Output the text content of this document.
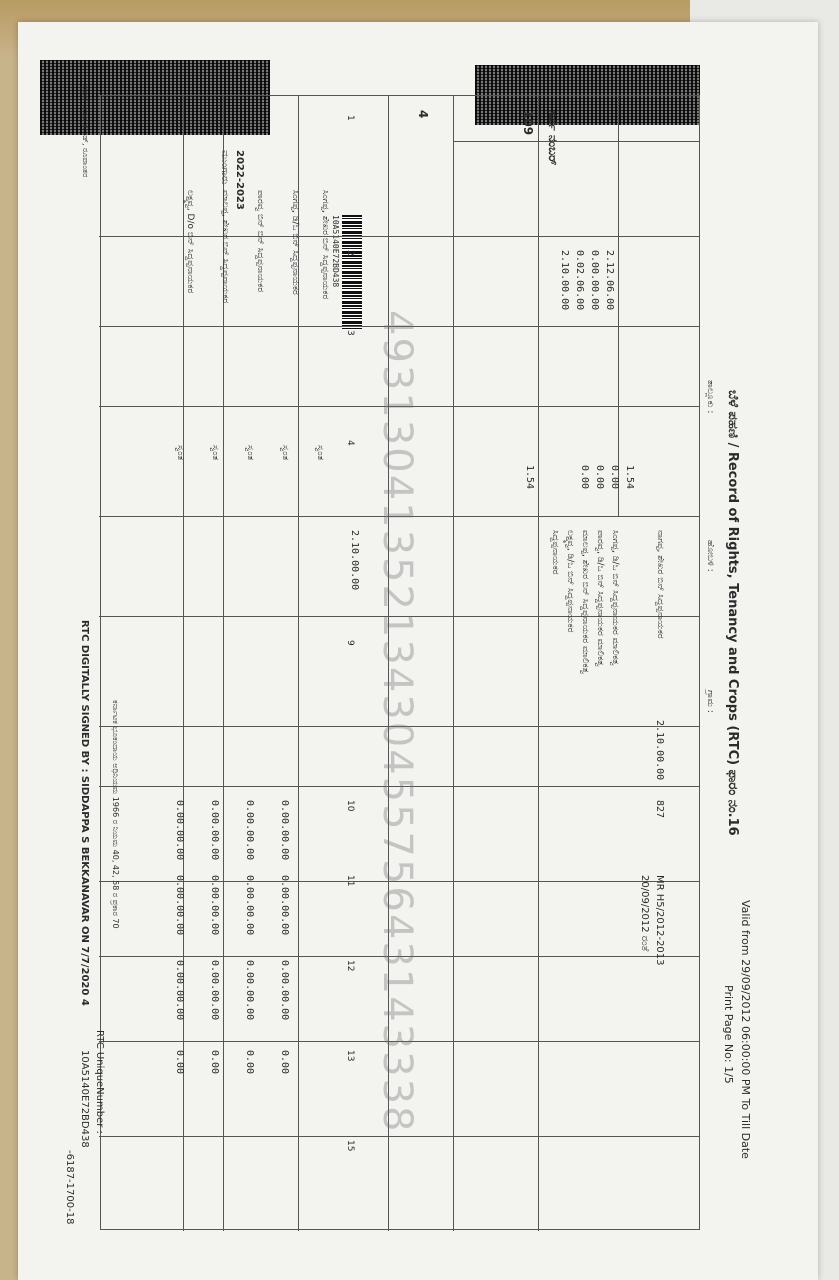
10A5140E72BD438
ಬೆಳೆ ಪಹಣಿ / Record of Rights, Tenancy and Crops (RTC) ಫಾರಂ ನಂ.16
Print Page No: 1/5 Valid from 29/09/2012 06:00:00 PM To Till Date
ತಾಲ್ಲೂಕು :
ಹೋಬಳಿ :
ಗ್ರಾಮ :
ಸರ್ವೆ ನಂಬರ್
109
4
2.12.06.00
0.00.00.00
0.02.06.00
2.10.00.00
1.54
0.00
0.00
0.00
1.54
2.10.00.00
827
MR H5/2012-2013
20/09/2012 ರಂತೆ
ನಾಗಪ್ಪ, ಶೇಖರ ಬಿನ್ ಸಿದ್ದಪ್ಪನಾಯಕರ
ಸಿಂಗಪ್ಪ, ಡಿ/ಒ ಬಿನ್ ಸಿದ್ದಪ್ಪನಾಯಕರ ಮಾಲಿಕತ್ವ
ಪಾರವ್ವ, ಡಿ/ಒ ಬಿನ್ ಸಿದ್ದಪ್ಪನಾಯಕರ ಮಾಲಿಕತ್ವ
ಮಾಲಪ್ಪ, ಶೇಖರ ಬಿನ್ ಸಿದ್ದಪ್ಪನಾಯಕರ ಮಾಲಿಕತ್ವ
ಲಕ್ಷ್ಮವ್ವ, ಡಿ/ಒ ಬಿನ್ ಸಿದ್ದಪ್ಪನಾಯಕರ
ಸಿದ್ದಪ್ಪನಾಯಕರ
2022-2023
ಮುಂಗಾರು
2.10.00.00
ಸಿಂಗಪ್ಪ, ಶೇಖರ ಬಿನ್ ಸಿದ್ದಪ್ಪನಾಯಕರ
ಸಿಂಗಪ್ಪ, ಡಿ/ಒ ಬಿನ್ ಸಿದ್ದಪ್ಪನಾಯಕರ
ಪಾರವ್ವ ಬಿನ್ ಬಿನ್ ಸಿದ್ದಪ್ಪನಾಯಕರ
ಮಾಲಪ್ಪ, ಶೇಖರ ಬಿನ್ ಸಿದ್ದಪ್ಪನಾಯಕರ
ಲಕ್ಷ್ಮವ್ವ, D/o ಬಿನ್ ಸಿದ್ದಪ್ಪನಾಯಕರ
0.00.00.00
0.00.00.00
0.00.00.00
0.00.00.00
0.00.00.00
0.00.00.00
0.00.00.00
0.00.00.00
0.00.00.00
0.00.00.00
0.00.00.00
0.00.00.00
0.00
0.00
0.00
0.00
1
2
3
4
9
10
11
12
13
15
ಸ್ವಂತ
ಸ್ವಂತ
ಸ್ವಂತ
ಸ್ವಂತ
ಸ್ವಂತ	493130413521343045575643143338
RTC DIGITALLY SIGNED BY : SIDDAPPA S BEKKANAVAR ON 7/7/2020 4
RTC UniqueNumber :
10A5140E72BD438
-6187-1700-18
ಕರ್ನಾಟಕ ಭೂಕಂದಾಯ ಅಧಿನಿಯಮ 1966 ರ ನಿಯಮ 40, 42, 58 ರ ಪ್ರಕಾರ 70
ಪಹಣಿ ಆಧಾರ ಕೋಡ್, ರೂಪಾಂತರ
